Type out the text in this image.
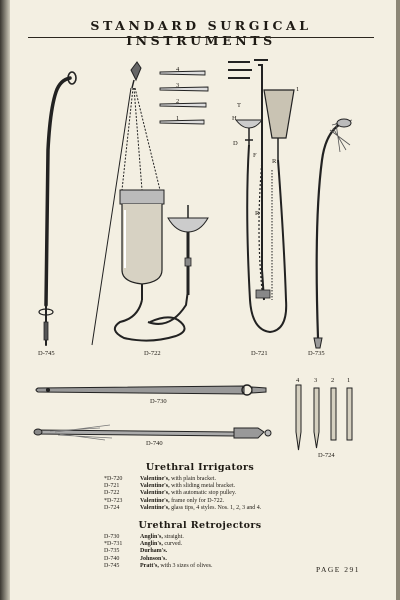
STANDARD SURGICAL INSTRUMENTS
4
3
2
1
1
T
H
D
F
R
R
D-745	D-722	D-721	D-735
D-730
D-740
D-724
4 3 2 1
Urethral Irrigators
*D-720	Valentine's, with plain bracket.
D-721	Valentine's, with sliding metal bracket.
D-722	Valentine's, with automatic stop pulley.
*D-723	Valentine's, frame only for D-722.
D-724	Valentine's, glass tips, 4 styles. Nos. 1, 2, 3 and 4.
Urethral Retrojectors
D-730	Anglin's, straight.
*D-731	Anglin's, curved.
D-735	Durham's.
D-740	Johnson's.
D-745	Pratt's, with 3 sizes of olives.	PAGE 291
